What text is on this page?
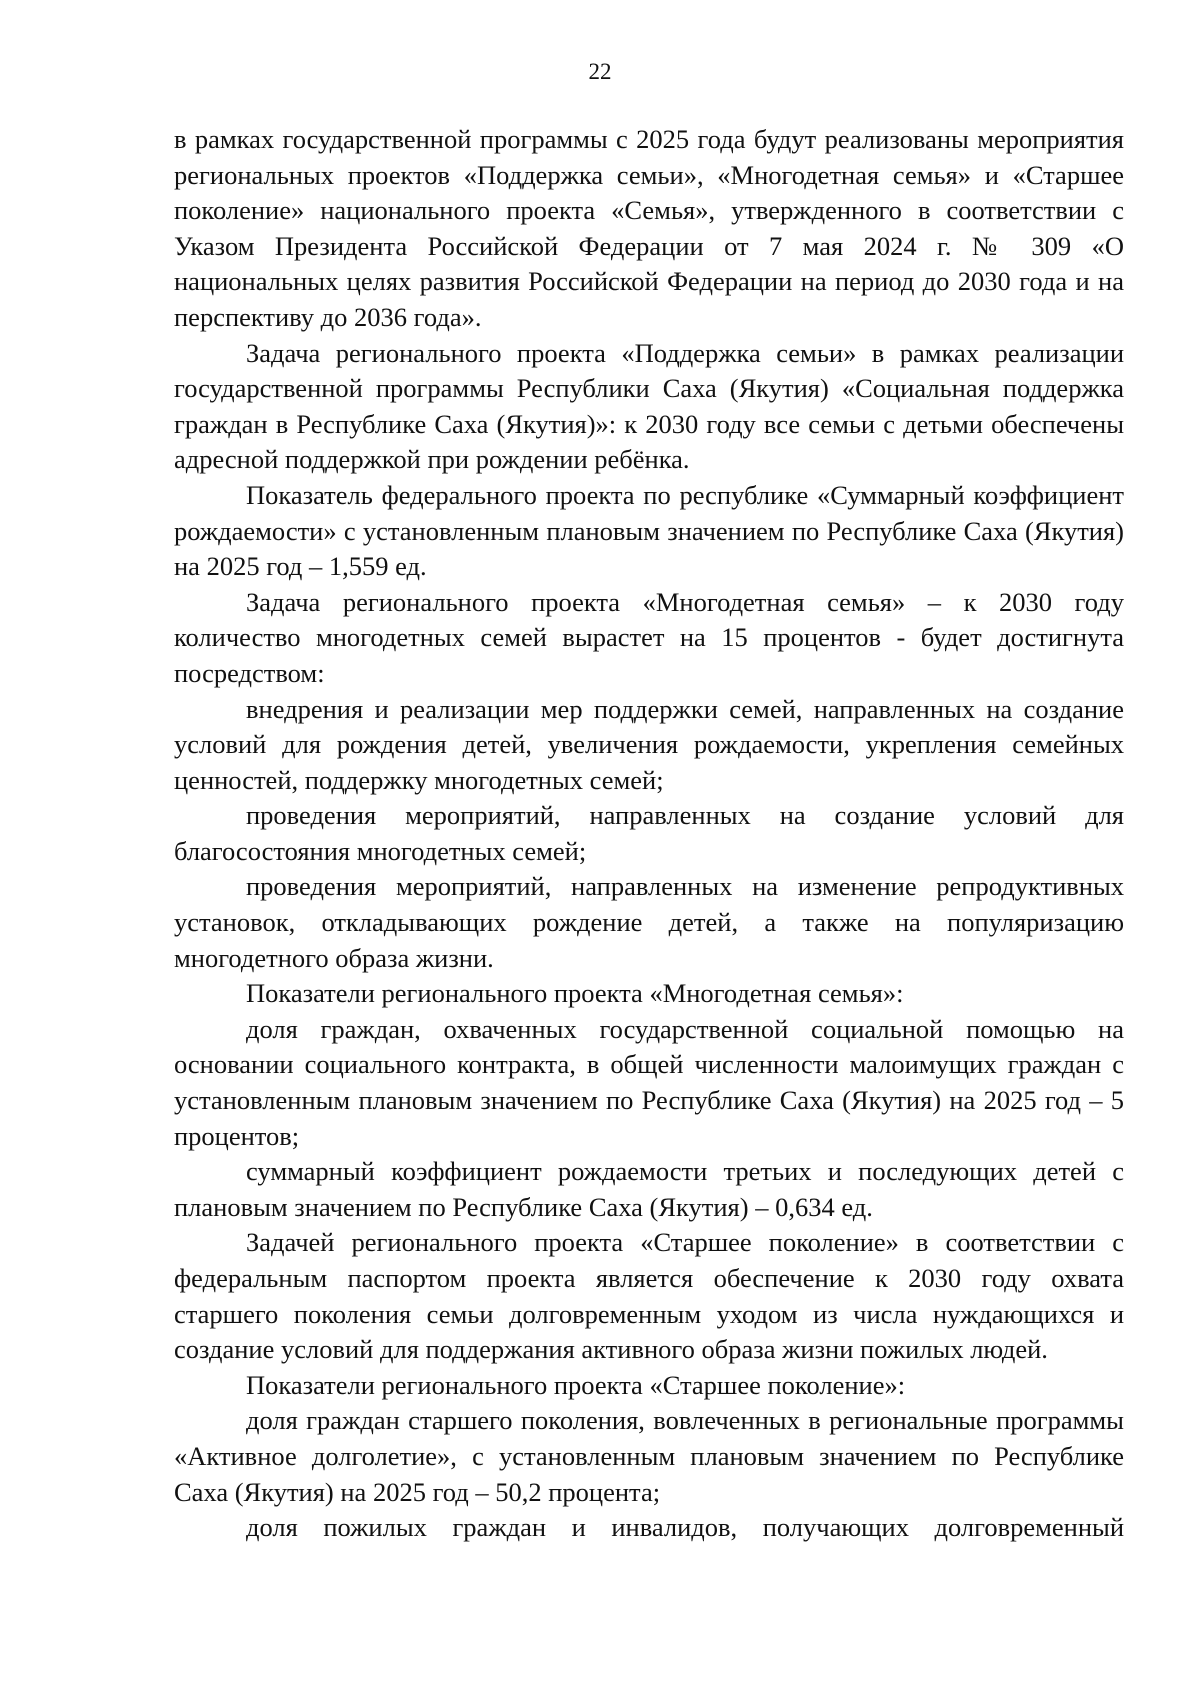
22

в рамках государственной программы с 2025 года будут реализованы мероприятия региональных проектов «Поддержка семьи», «Многодетная семья» и «Старшее поколение» национального проекта «Семья», утвержденного в соответствии с Указом Президента Российской Федерации от 7 мая 2024 г. № 309 «О национальных целях развития Российской Федерации на период до 2030 года и на перспективу до 2036 года».

Задача регионального проекта «Поддержка семьи» в рамках реализации государственной программы Республики Саха (Якутия) «Социальная поддержка граждан в Республике Саха (Якутия)»: к 2030 году все семьи с детьми обеспечены адресной поддержкой при рождении ребёнка.

Показатель федерального проекта по республике «Суммарный коэффициент рождаемости» с установленным плановым значением по Республике Саха (Якутия) на 2025 год – 1,559 ед.

Задача регионального проекта «Многодетная семья» – к 2030 году количество многодетных семей вырастет на 15 процентов - будет достигнута посредством:

внедрения и реализации мер поддержки семей, направленных на создание условий для рождения детей, увеличения рождаемости, укрепления семейных ценностей, поддержку многодетных семей;

проведения мероприятий, направленных на создание условий для благосостояния многодетных семей;

проведения мероприятий, направленных на изменение репродуктивных установок, откладывающих рождение детей, а также на популяризацию многодетного образа жизни.

Показатели регионального проекта «Многодетная семья»:

доля граждан, охваченных государственной социальной помощью на основании социального контракта, в общей численности малоимущих граждан с установленным плановым значением по Республике Саха (Якутия) на 2025 год – 5 процентов;

суммарный коэффициент рождаемости третьих и последующих детей с плановым значением по Республике Саха (Якутия) – 0,634 ед.

Задачей регионального проекта «Старшее поколение» в соответствии с федеральным паспортом проекта является обеспечение к 2030 году охвата старшего поколения семьи долговременным уходом из числа нуждающихся и создание условий для поддержания активного образа жизни пожилых людей.

Показатели регионального проекта «Старшее поколение»:

доля граждан старшего поколения, вовлеченных в региональные программы «Активное долголетие», с установленным плановым значением по Республике Саха (Якутия) на 2025 год – 50,2 процента;

доля пожилых граждан и инвалидов, получающих долговременный
